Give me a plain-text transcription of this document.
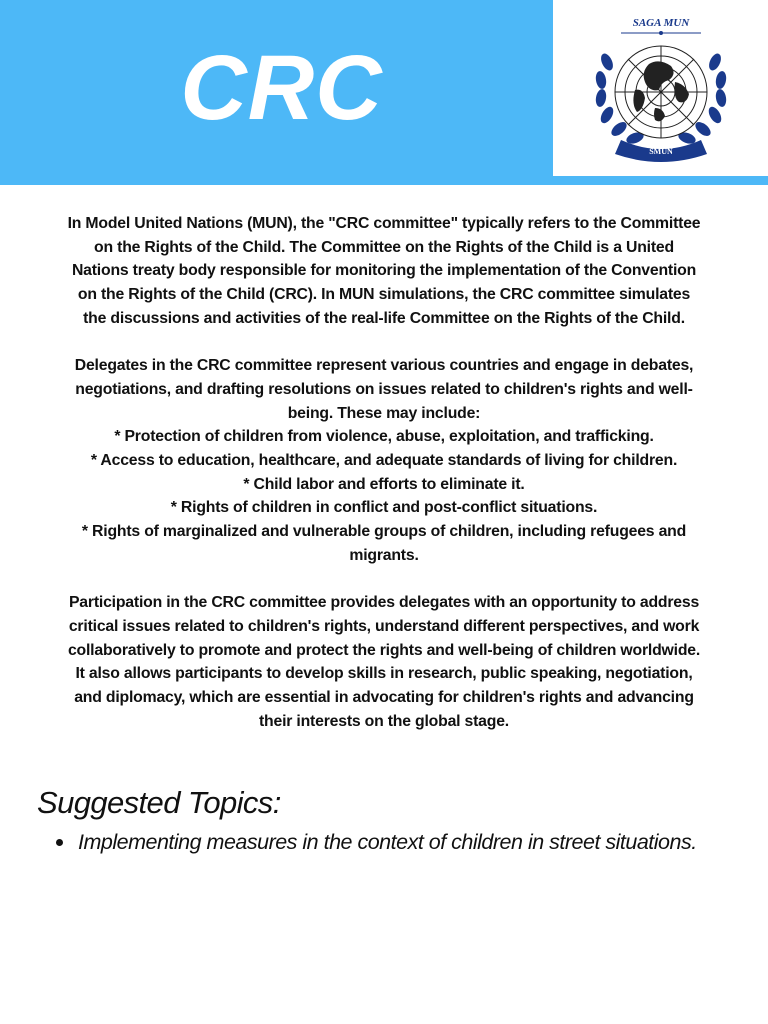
CRC
SAGA MUN
SMUN

In Model United Nations (MUN), the "CRC committee" typically refers to the Committee
on the Rights of the Child. The Committee on the Rights of the Child is a United
Nations treaty body responsible for monitoring the implementation of the Convention
on the Rights of the Child (CRC). In MUN simulations, the CRC committee simulates
the discussions and activities of the real-life Committee on the Rights of the Child.

Delegates in the CRC committee represent various countries and engage in debates,
negotiations, and drafting resolutions on issues related to children's rights and well-
being. These may include:
* Protection of children from violence, abuse, exploitation, and trafficking.
* Access to education, healthcare, and adequate standards of living for children.
* Child labor and efforts to eliminate it.
* Rights of children in conflict and post-conflict situations.
* Rights of marginalized and vulnerable groups of children, including refugees and
migrants.

Participation in the CRC committee provides delegates with an opportunity to address
critical issues related to children's rights, understand different perspectives, and work
collaboratively to promote and protect the rights and well-being of children worldwide.
It also allows participants to develop skills in research, public speaking, negotiation,
and diplomacy, which are essential in advocating for children's rights and advancing
their interests on the global stage.

Suggested Topics:
Implementing measures in the context of children in street situations.
